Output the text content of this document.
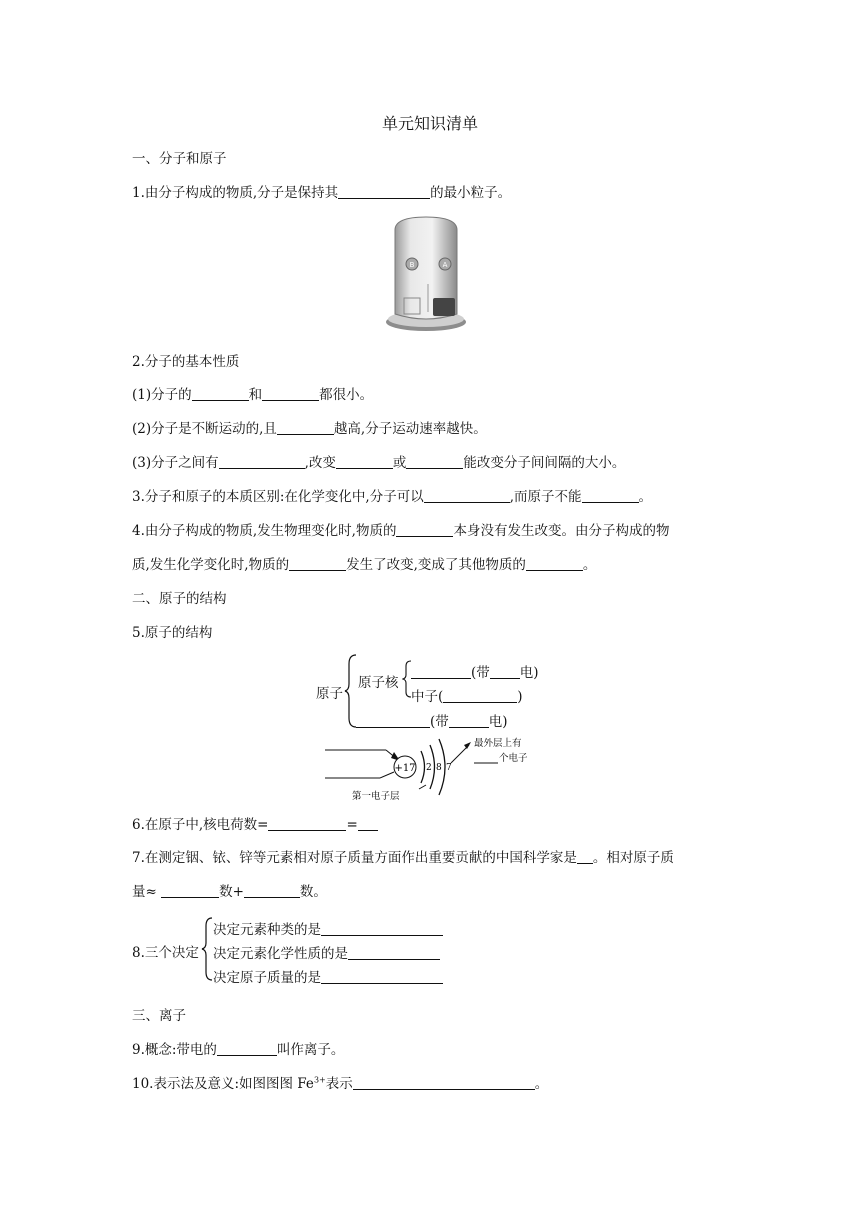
单元知识清单
一、分子和原子
1.由分子构成的物质,分子是保持其	的最小粒子。
B	A
2.分子的基本性质
(1)分子的	和	都很小。
(2)分子是不断运动的,且	越高,分子运动速率越快。
(3)分子之间有	,改变	或	能改变分子间间隔的大小。
3.分子和原子的本质区别:在化学变化中,分子可以	,而原子不能	。
4.由分子构成的物质,发生物理变化时,物质的	本身没有发生改变。由分子构成的物
质,发生化学变化时,物质的	发生了改变,变成了其他物质的	。
二、原子的结构
5.原子的结构
原子
原子核
(带 电)
中子(	)
(带	电)
+17 2 8 7
最外层上有
个电子
第一电子层
6.在原子中,核电荷数=	=
7.在测定铟、铱、锌等元素相对原子质量方面作出重要贡献的中国科学家是 。相对原子质
量≈	数+	数。
8.三个决定
决定元素种类的是
决定元素化学性质的是
决定原子质量的是
三、离子
9.概念:带电的	叫作离子。
10.表示法及意义:如图图图 $Fe^{3+}$表示	。
